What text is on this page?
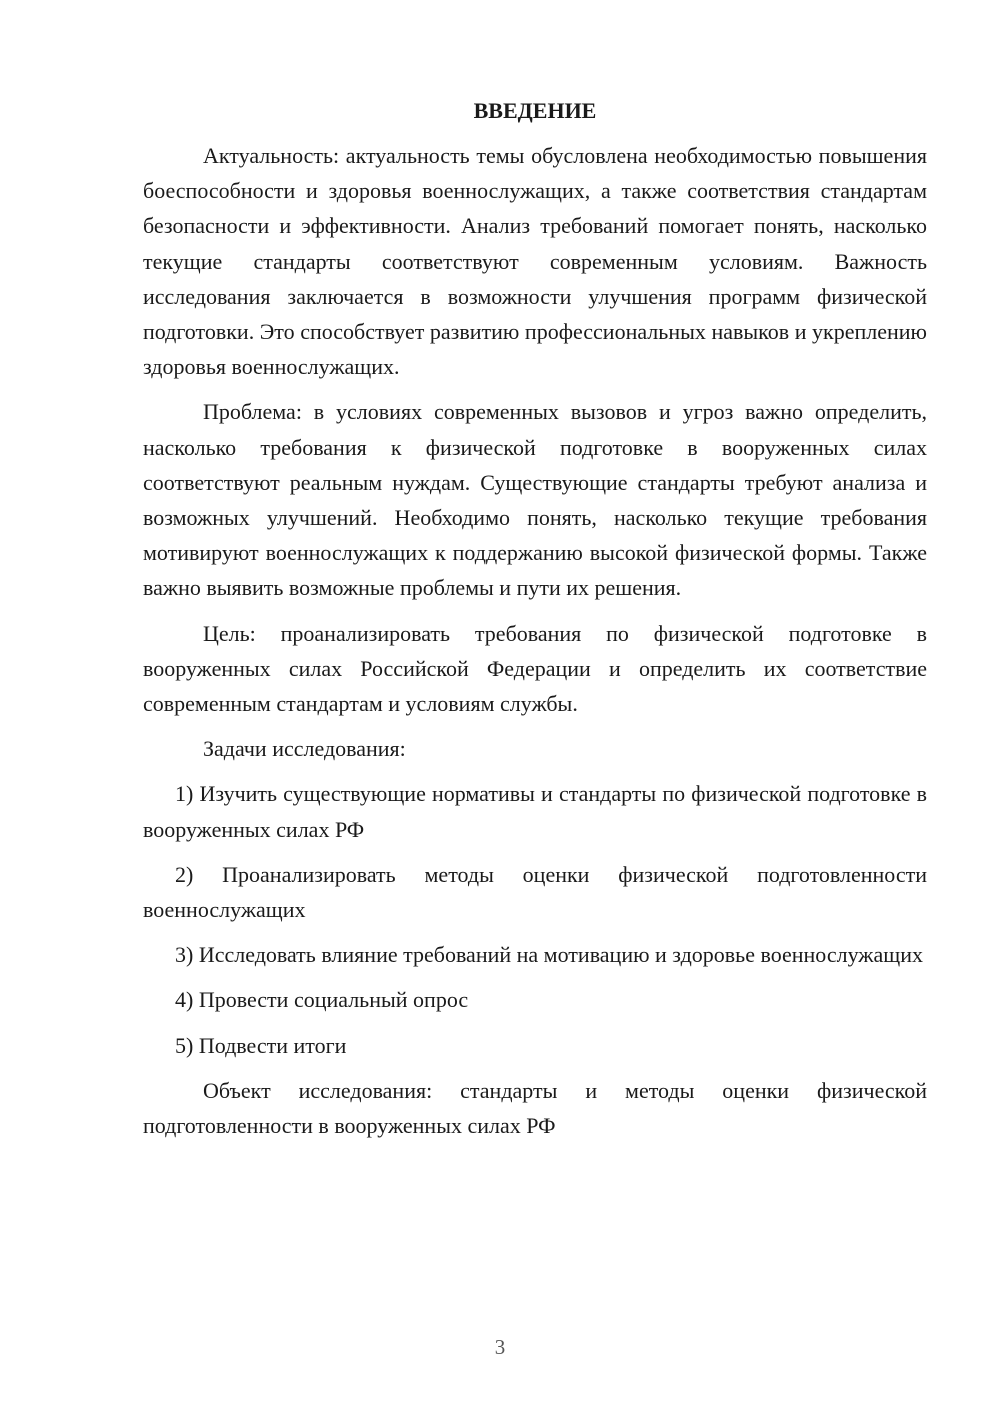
ВВЕДЕНИЕ

Актуальность: актуальность темы обусловлена необходимостью повышения боеспособности и здоровья военнослужащих, а также соответствия стандартам безопасности и эффективности. Анализ требований помогает понять, насколько текущие стандарты соответствуют современным условиям. Важность исследования заключается в возможности улучшения программ физической подготовки. Это способствует развитию профессиональных навыков и укреплению здоровья военнослужащих.

Проблема: в условиях современных вызовов и угроз важно определить, насколько требования к физической подготовке в вооруженных силах соответствуют реальным нуждам. Существующие стандарты требуют анализа и возможных улучшений. Необходимо понять, насколько текущие требования мотивируют военнослужащих к поддержанию высокой физической формы. Также важно выявить возможные проблемы и пути их решения.

Цель: проанализировать требования по физической подготовке в вооруженных силах Российской Федерации и определить их соответствие современным стандартам и условиям службы.

Задачи исследования:

1) Изучить существующие нормативы и стандарты по физической подготовке в вооруженных силах РФ

2) Проанализировать методы оценки физической подготовленности военнослужащих

3) Исследовать влияние требований на мотивацию и здоровье военнослужащих

4) Провести социальный опрос

5) Подвести итоги

Объект исследования: стандарты и методы оценки физической подготовленности в вооруженных силах РФ

3
